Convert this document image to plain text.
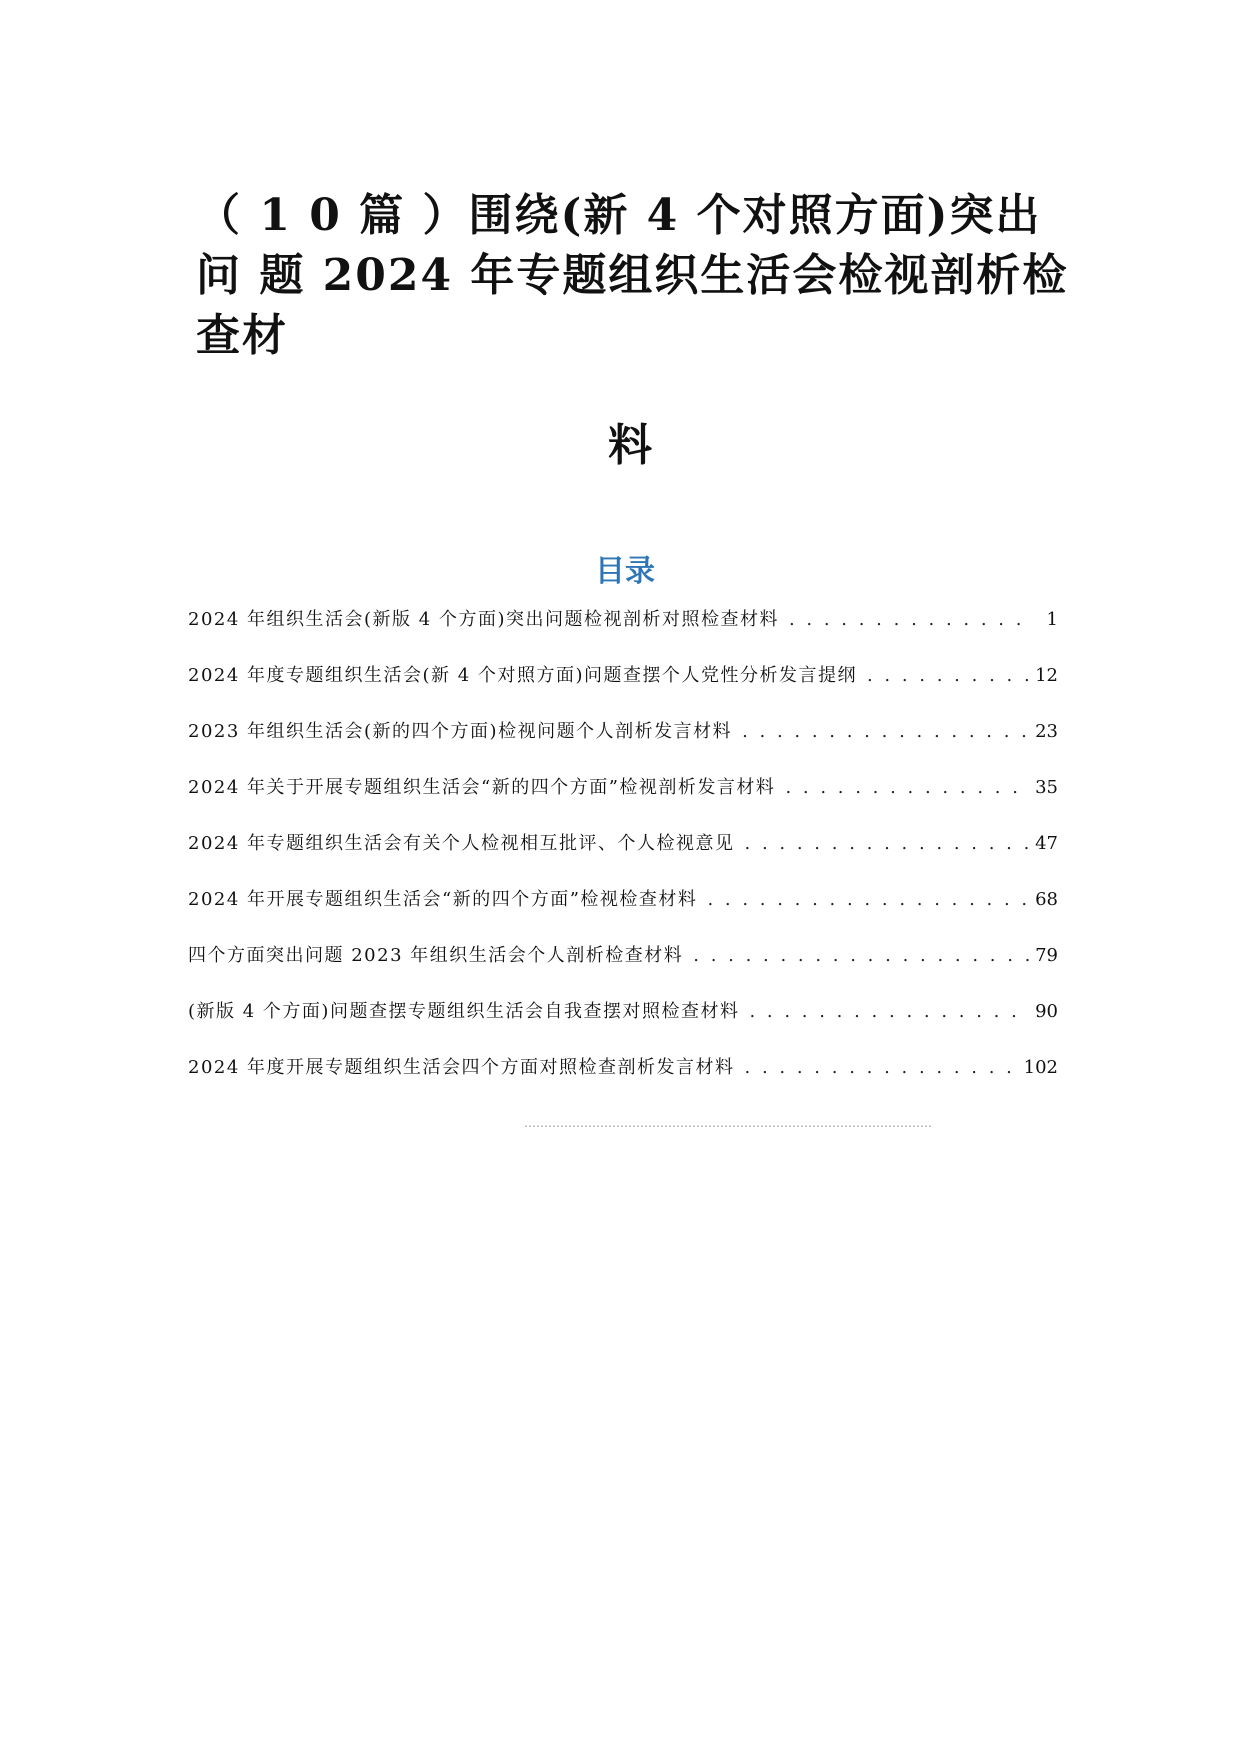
（ 1 0 篇 ）围绕(新 4 个对照方面)突出
问 题 2024 年专题组织生活会检视剖析检
查材
料
目录
2024 年组织生活会(新版 4 个方面)突出问题检视剖析对照检查材料 . . .	1
2024 年度专题组织生活会(新 4 个对照方面)问题查摆个人党性分析发言提纲 . . .	12
2023 年组织生活会(新的四个方面)检视问题个人剖析发言材料 . . .	23
2024 年关于开展专题组织生活会“新的四个方面”检视剖析发言材料 . . .	35
2024 年专题组织生活会有关个人检视相互批评、个人检视意见 . . .	47
2024 年开展专题组织生活会“新的四个方面”检视检查材料 . . .	68
四个方面突出问题 2023 年组织生活会个人剖析检查材料 . . .	79
(新版 4 个方面)问题查摆专题组织生活会自我查摆对照检查材料 . . .	90
2024 年度开展专题组织生活会四个方面对照检查剖析发言材料 . . .	102
…………………………………………………………………………………………
